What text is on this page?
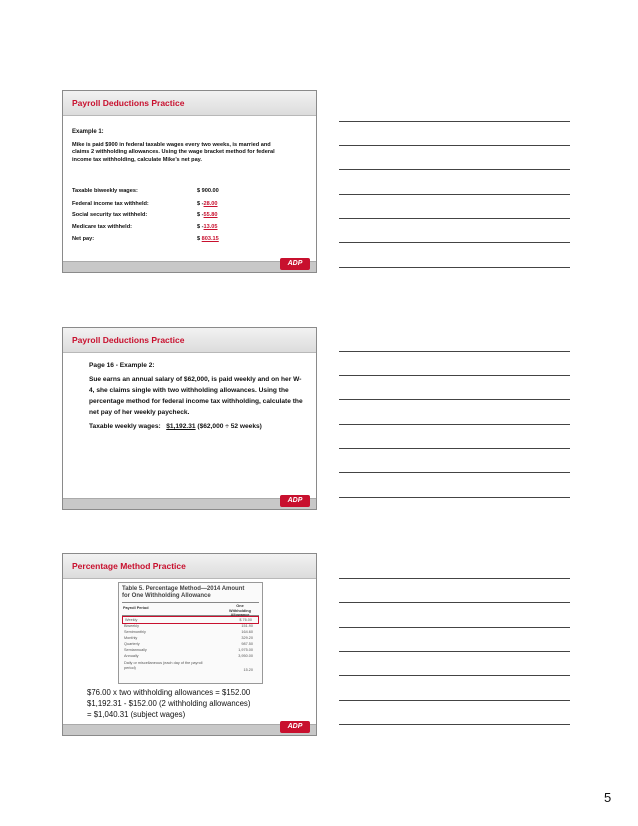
Payroll Deductions Practice
Example 1:
Mike is paid $900 in federal taxable wages every two weeks, is married and claims 2 withholding allowances. Using the wage bracket method for federal income tax withholding, calculate Mike’s net pay.
Taxable biweekly wages:	$ 900.00
Federal income tax withheld:	$ -28.00
Social security tax withheld:	$ -55.80
Medicare tax withheld:	$ -13.05
Net pay:	$ 803.15
ADP
Payroll Deductions Practice

Page 16 - Example 2:

Sue earns an annual salary of $62,000, is paid weekly and on her W-4, she claims single with two withholding allowances. Using the percentage method for federal income tax withholding, calculate the net pay of her weekly paycheck.

Taxable weekly wages: $1,192.31 ($62,000 ÷ 52 weeks)

ADP
Percentage Method Practice
Table 5. Percentage Method—2014 Amount
for One Withholding Allowance
Payroll Period	One Withholding Allowance
Weekly	$ 76.00
Biweekly	151.90
Semimonthly	164.60
Monthly	329.20
Quarterly	987.50
Semiannually	1,975.00
Annually	3,950.00
Daily or miscellaneous (each day of the payroll period)
15.20
$76.00 x two withholding allowances = $152.00
$1,192.31 - $152.00 (2 withholding allowances)
= $1,040.31 (subject wages)
ADP
5
